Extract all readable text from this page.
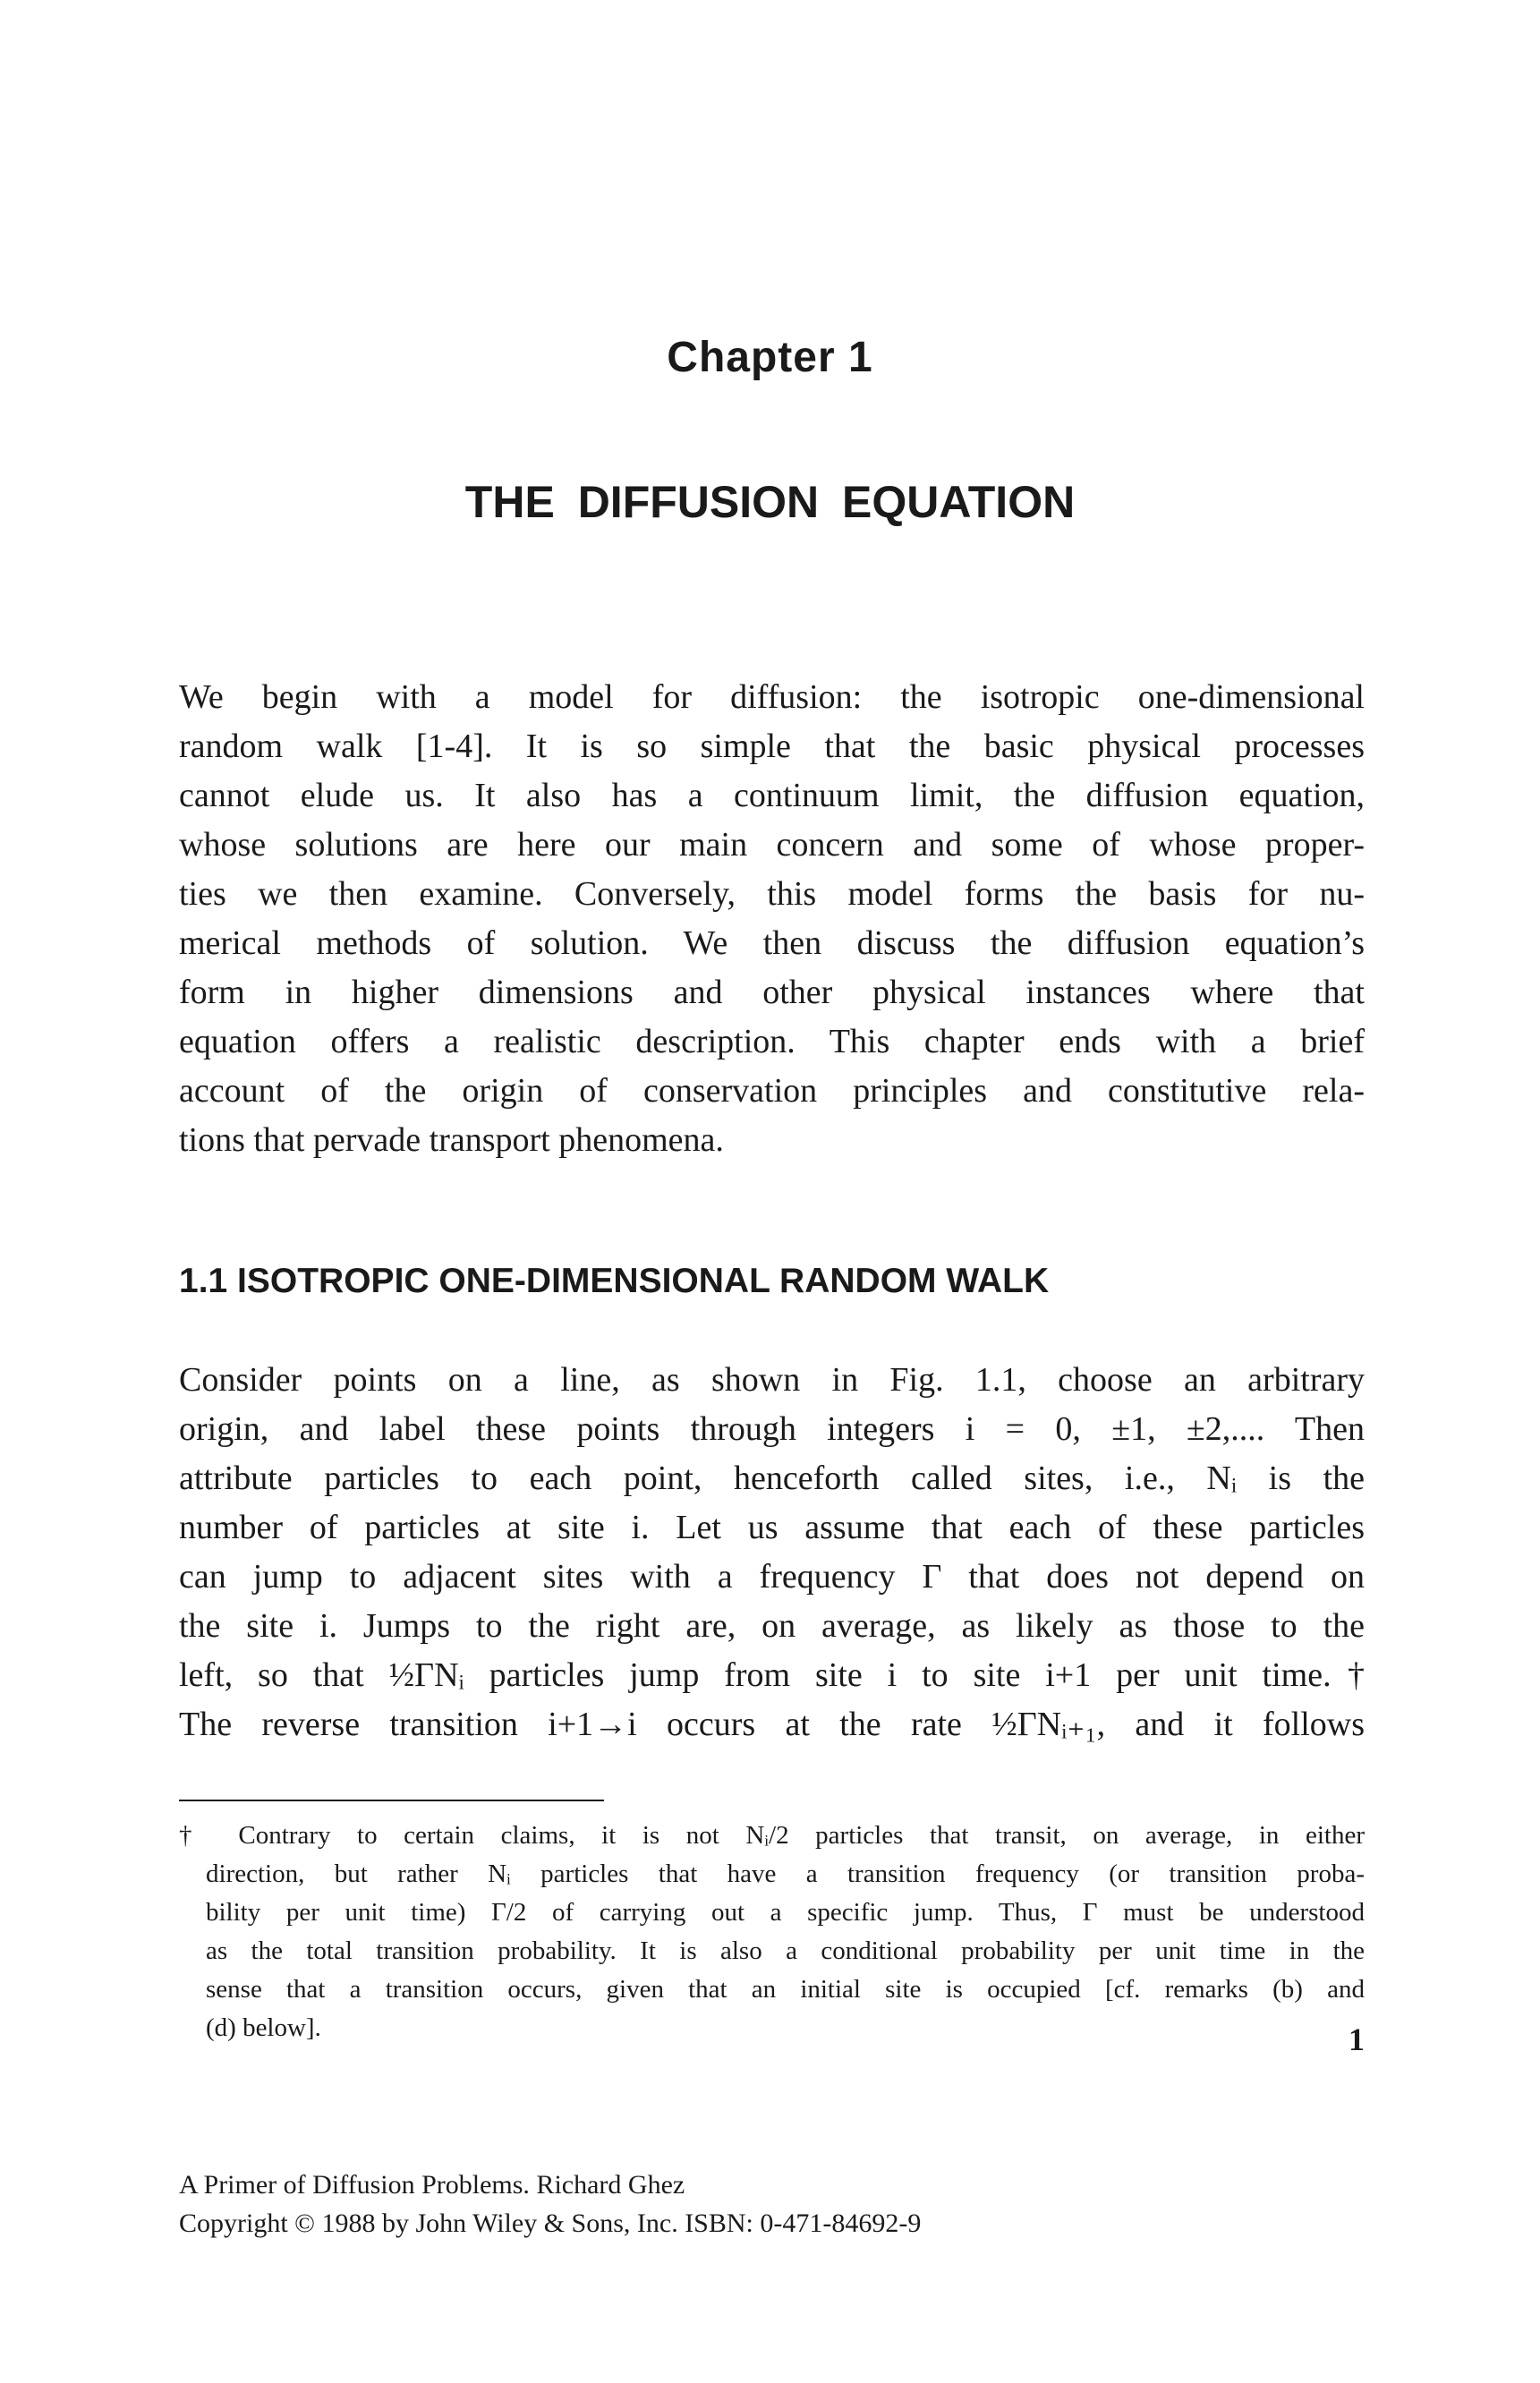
Chapter 1
THE DIFFUSION EQUATION
We begin with a model for diffusion: the isotropic one-dimensional
random walk [1-4]. It is so simple that the basic physical processes
cannot elude us. It also has a continuum limit, the diffusion equation,
whose solutions are here our main concern and some of whose proper-
ties we then examine. Conversely, this model forms the basis for nu-
merical methods of solution. We then discuss the diffusion equation’s
form in higher dimensions and other physical instances where that
equation offers a realistic description. This chapter ends with a brief
account of the origin of conservation principles and constitutive rela-
tions that pervade transport phenomena.
1.1 ISOTROPIC ONE-DIMENSIONAL RANDOM WALK
Consider points on a line, as shown in Fig. 1.1, choose an arbitrary
origin, and label these points through integers i = 0, ±1, ±2,.... Then
attribute particles to each point, henceforth called sites, i.e., Nᵢ is the
number of particles at site i. Let us assume that each of these particles
can jump to adjacent sites with a frequency Γ that does not depend on
the site i. Jumps to the right are, on average, as likely as those to the
left, so that ½ΓNᵢ particles jump from site i to site i+1 per unit time.†
The reverse transition i+1→i occurs at the rate ½ΓNᵢ₊₁, and it follows
† Contrary to certain claims, it is not Nᵢ/2 particles that transit, on average, in either
direction, but rather Nᵢ particles that have a transition frequency (or transition proba-
bility per unit time) Γ/2 of carrying out a specific jump. Thus, Γ must be understood
as the total transition probability. It is also a conditional probability per unit time in the
sense that a transition occurs, given that an initial site is occupied [cf. remarks (b) and
(d) below].	1
A Primer of Diffusion Problems. Richard Ghez
Copyright © 1988 by John Wiley & Sons, Inc. ISBN: 0-471-84692-9
